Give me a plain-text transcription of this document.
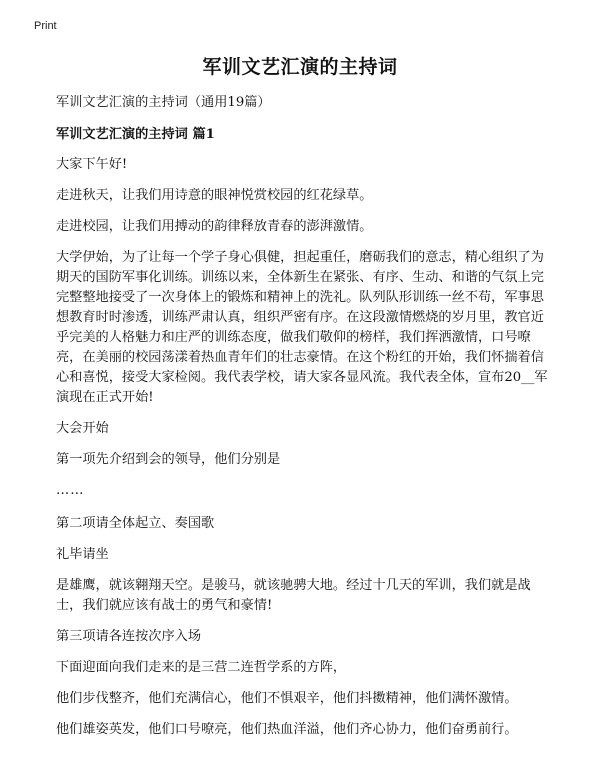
Print
军训文艺汇演的主持词

军训文艺汇演的主持词（通用19篇）

军训文艺汇演的主持词 篇1

大家下午好!

走进秋天，让我们用诗意的眼神悦赏校园的红花绿草。

走进校园，让我们用搏动的韵律释放青春的澎湃激情。

大学伊始，为了让每一个学子身心俱健，担起重任，磨砺我们的意志，精心组织了为期天的国防军事化训练。训练以来，全体新生在紧张、有序、生动、和谐的气氛上完完整整地接受了一次身体上的锻炼和精神上的洗礼。队列队形训练一丝不苟，军事思想教育时时渗透，训练严肃认真，组织严密有序。在这段激情燃烧的岁月里，教官近乎完美的人格魅力和庄严的训练态度，做我们敬仰的榜样，我们挥洒激情，口号嘹亮，在美丽的校园荡漾着热血青年们的壮志豪情。在这个粉红的开始，我们怀揣着信心和喜悦，接受大家检阅。我代表学校，请大家各显风流。我代表全体，宣布20__军演现在正式开始!

大会开始

第一项先介绍到会的领导，他们分别是

……

第二项请全体起立、奏国歌

礼毕请坐

是雄鹰，就该翱翔天空。是骏马，就该驰骋大地。经过十几天的军训，我们就是战士，我们就应该有战士的勇气和豪情!

第三项请各连按次序入场

下面迎面向我们走来的是三营二连哲学系的方阵，

他们步伐整齐，他们充满信心，他们不惧艰辛，他们抖擞精神，他们满怀激情。

他们雄姿英发，他们口号嘹亮，他们热血洋溢，他们齐心协力，他们奋勇前行。
